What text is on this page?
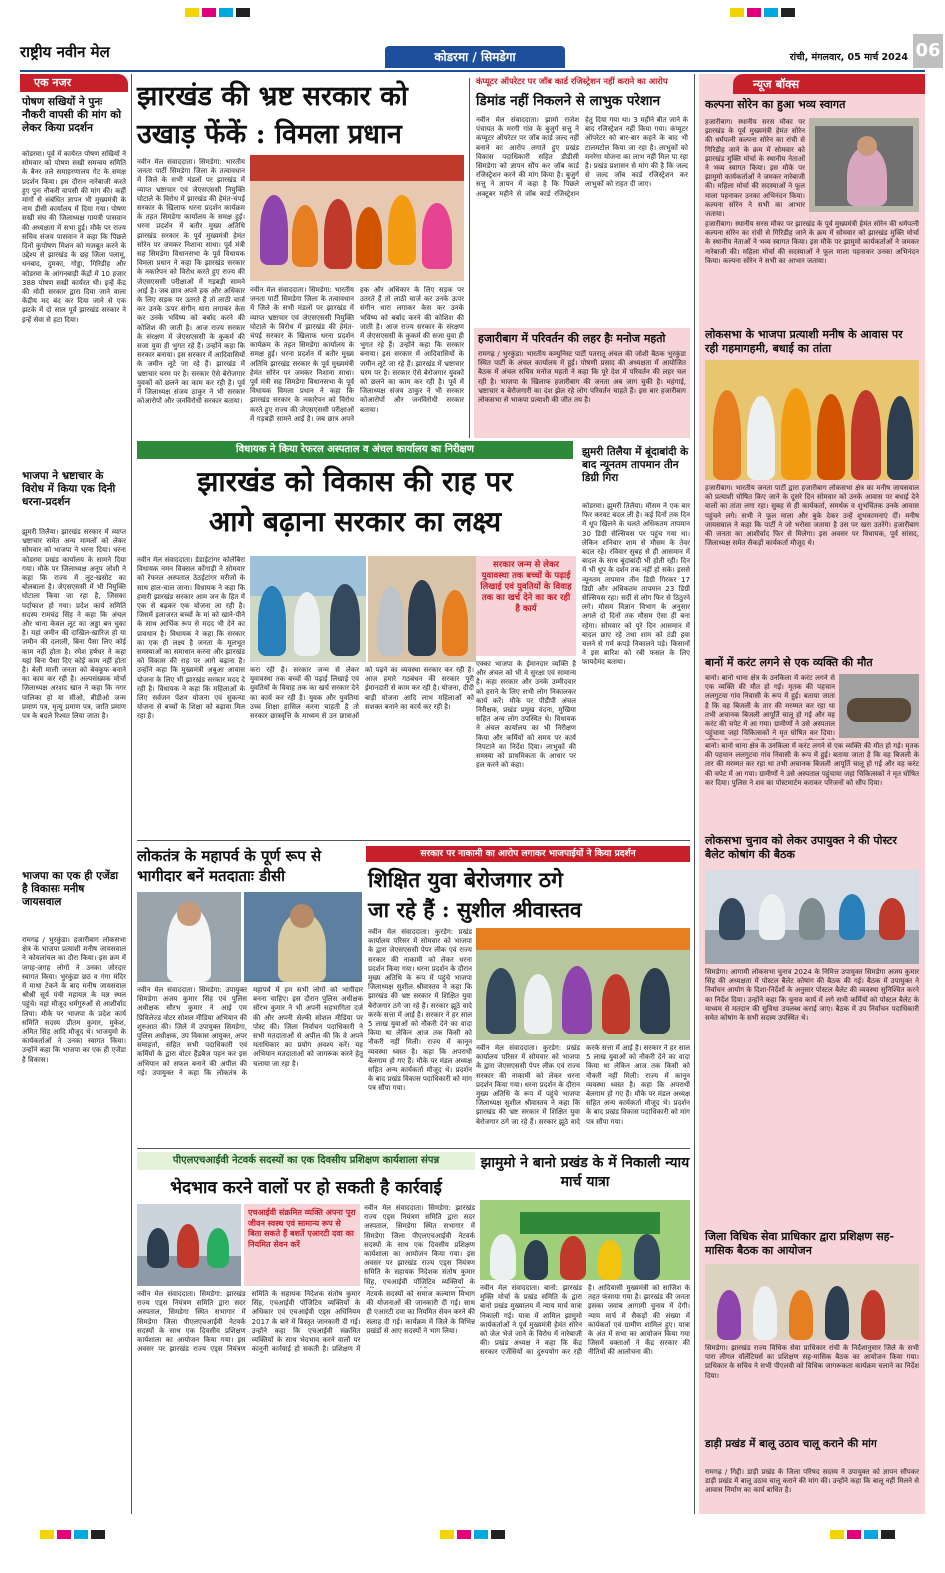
राष्ट्रीय नवीन मेल	कोडरमा / सिमडेगा	रांची, मंगलवार, 05 मार्च 2024 06
एक नजर
पोषण सखियों ने पुनः नौकरी वापसी की मांग को लेकर किया प्रदर्शन
कोडरमा। पूर्व में कार्यरत पोषण सखियों ने सोमवार को पोषण सखी समन्वय समिति के बैनर तले समाहरणालय गेट के समक्ष प्रदर्शन किया। इस दौरान नारेबाजी करते हुए पुनः नौकरी वापसी की मांग की। कहीं मांगों से संबंधित ज्ञापन भी मुख्यमंत्री के नाम डीसी कार्यालय में दिया गया। पोषण सखी संघ की जिलाध्यक्ष गायत्री पासवान की अध्यक्षता में सभा हुई। मौके पर राज्य सचिव संजय पासवान ने कहा कि पिछले दिनों कुपोषण मिशन को मजबूत करने के उद्देश्य से झारखंड के छह जिला पलामू, धनबाद, दुमका, गोड्डा, गिरिडीह और कोडरमा के आंगनबाड़ी केंद्रों में 10 हजार 388 पोषण सखी कार्यरत थी। इन्हें केंद्र की मोदी सरकार द्वारा दिया जाने वाला केंद्रीय मद बंद कर दिया जाने से एक झटके में दो साल पूर्व झारखंड सरकार ने इन्हें सेवा से हटा दिया।
भाजपा ने भ्रष्टाचार के विरोध में किया एक दिनी धरना-प्रदर्शन
झुमरी तिलैया। झारखंड सरकार में व्याप्त भ्रष्टाचार समेत अन्य मामलों को लेकर सोमवार को भाजपा ने धरना दिया। धरना कोडरमा प्रखंड कार्यालय के सामने दिया गया। मौके पर जिलाध्यक्ष अनूप जोशी ने कहा कि राज्य में लूट-खसोट का बोलबाला है। जेएसएससी में भी नियुक्ति घोटाला किया जा रहा है, जिसका पर्दाफाश हो गया। प्रदेश कार्य समिति सदस्य रामचंद्र सिंह ने कहा कि अंचल और थाना केवल लूट का अड्डा बन चुका है। यहां जमीन की दाखिल-खारिज हो या जमीन की दलाली, बिना पैसा लिए कोई काम नहीं होता है। रमेश हर्षधर ने कहा यहां बिना पैसा दिए कोई काम नहीं होता है। बेली माली जनता को बेवकूफ बनाने का काम कर रही है। अल्पसंख्यक मोर्चा जिलाध्यक्ष अरशद खान ने कहा कि नगर पालिका हो या सीओ, बीडीओ जन्म प्रमाण पत्र, मृत्यु प्रमाण पत्र, जाति प्रमाण पत्र के बदले रिश्वत लिया जाता है।
भाजपा का एक ही एजेंडा है विकासः मनीष जायसवाल
रामगढ़ / भुरकुंडा। हजारीबाग लोकसभा क्षेत्र के भाजपा प्रत्याशी मनीष जायसवाल ने कोयलांचल का दौरा किया। इस क्रम में जगह-जगह लोगों ने उनका जोरदार स्वागत किया। भुरकुंडा छठ व गंगा मंदिर में माथा टेकने के बाद मनीष जायसवाल श्रीश्री सूर्य पंची महायज्ञ के यज्ञ स्थल पहुंचे। वहां मौजूद धर्मगुरुओं से आशीर्वाद लिया। मौके पर भाजपा के प्रदेश कार्य समिति सदस्य प्रीतम कुमार, मुकेश, अमित सिंह आदि मौजूद थे। भाजयुमो के कार्यकर्ताओं ने उनका स्वागत किया। उन्होंने कहा कि भाजपा का एक ही एजेंडा है विकास।
झारखंड की भ्रष्ट सरकार को उखाड़ फेंकें : विमला प्रधान
नवीन मेल संवाददाता। सिमडेगा: भारतीय जनता पार्टी सिमडेगा जिला के तत्वावधान में जिले के सभी मंडलों पर झारखंड में व्याप्त भ्रष्टाचार एवं जेएसएससी नियुक्ति घोटाले के विरोध में झारखंड की हेमंत-चंपई सरकार के खिलाफ धरना प्रदर्शन कार्यक्रम के तहत सिमडेगा कार्यालय के समक्ष हुई। धरना प्रदर्शन में बतौर मुख्य अतिथि झारखंड सरकार के पूर्व मुख्यमंत्री हेमंत सोरेन पर जमकर निशाना साधा। पूर्व मंत्री सह सिमडेगा विधानसभा के पूर्व विधायक विमला प्रधान ने कहा कि झारखंड सरकार के नकारेपन को विरोध करते हुए राज्य की जेएसएससी परीक्षाओं में गड़बड़ी सामने आई है। जब छात्र अपने हक और अधिकार के लिए सड़क पर उतरते हैं तो लाठी चार्ज कर उनके ऊपर संगीन धारा लगाकर केस कर उनके भविष्य को बर्बाद करने की कोशिश की जाती है। आज राज्य सरकार के संरक्षण में जेएसएससी के कुकर्म की सजा युवा ही भुगत रहे हैं। उन्होंने कहा कि सरकार बनाया। इस सरकार में आदिवासियों के जमीन लूटे जा रहे हैं। झारखंड में भ्रष्टाचार चरम पर है। सरकार ऐसे बेरोजगार युवकों को छलने का काम कर रही है। पूर्व में जिलाध्यक्ष संजय ठाकुर ने भी सरकार कोआरोपों और जनविरोधी सरकार बताया।
नवीन मेल संवाददाता। सिमडेगा: भारतीय जनता पार्टी सिमडेगा जिला के तत्वावधान में जिले के सभी मंडलों पर झारखंड में व्याप्त भ्रष्टाचार एवं जेएसएससी नियुक्ति घोटाले के विरोध में झारखंड की हेमंत-चंपई सरकार के खिलाफ धरना प्रदर्शन कार्यक्रम के तहत सिमडेगा कार्यालय के समक्ष हुई। धरना प्रदर्शन में बतौर मुख्य अतिथि झारखंड सरकार के पूर्व मुख्यमंत्री हेमंत सोरेन पर जमकर निशाना साधा। पूर्व मंत्री सह सिमडेगा विधानसभा के पूर्व विधायक विमला प्रधान ने कहा कि झारखंड सरकार के नकारेपन को विरोध करते हुए राज्य की जेएसएससी परीक्षाओं में गड़बड़ी सामने आई है। जब छात्र अपने हक और अधिकार के लिए सड़क पर उतरते हैं तो लाठी चार्ज कर उनके ऊपर संगीन धारा लगाकर केस कर उनके भविष्य को बर्बाद करने की कोशिश की जाती है। आज राज्य सरकार के संरक्षण में जेएसएससी के कुकर्म की सजा युवा ही भुगत रहे हैं। उन्होंने कहा कि सरकार बनाया। इस सरकार में आदिवासियों के जमीन लूटे जा रहे हैं। झारखंड में भ्रष्टाचार चरम पर है। सरकार ऐसे बेरोजगार युवकों को छलने का काम कर रही है। पूर्व में जिलाध्यक्ष संजय ठाकुर ने भी सरकार कोआरोपों और जनविरोधी सरकार बताया।
कंप्यूटर ऑपरेटर पर जॉब कार्ड रजिस्ट्रेशन नहीं कराने का आरोप
डिमांड नहीं निकलने से लाभुक परेशान
नवीन मेल संवाददाता। झामो राजेश पंचायत के मरगी गांव के बुजुर्ग सत्तु ने कंप्यूटर ऑपरेटर पर जॉब कार्ड जल्द नहीं बनाने का आरोप लगाते हुए प्रखंड विकास पदाधिकारी सहित डीडीसी सिमडेगा को ज्ञापन सौंप कर जॉब कार्ड रजिस्ट्रेशन करने की मांग किया है। बुजुर्ग सत्तु ने ज्ञापन में कहा है कि पिछले अक्टूबर महीने से जॉब कार्ड रजिस्ट्रेशन हेतु दिया गया था। 3 महीने बीत जाने के बाद रजिस्ट्रेशन नहीं किया गया। कंप्यूटर ऑपरेटर को बार-बार कहने के बाद भी टालमटोल किया जा रहा है। लाभुकों को मनरेगा योजना का लाभ नहीं मिल पा रहा है। प्रखंड प्रशासन से मांग की है कि जल्द से जल्द जॉब कार्ड रजिस्ट्रेशन कर लाभुकों को राहत दी जाए।
हजारीबाग में परिवर्तन की लहर हैः मनोज महतो
रामगढ़ / भुरकुंडा। भारतीय कम्युनिस्ट पार्टी पतरातू अंचल की जोशी बैठक भुरकुंडा स्थित पार्टी के अंचल कार्यालय में हुई। पोषणी प्रसाद की अध्यक्षता में आयोजित बैठक में अंचल सचिव मनोज महतो ने कहा कि पूरे देश में परिवर्तन की लहर चल रही है। भाजपा के खिलाफ हजारीबाग की जनता अब जाग चुकी है। महंगाई, भ्रष्टाचार व बेरोजगारी का दंश झेल रहे लोग परिवर्तन चाहते हैं। इस बार हजारीबाग लोकसभा से भाकपा प्रत्याशी की जीत तय है।
विधायक ने किया रेफरल अस्पताल व अंचल कार्यालय का निरीक्षण
झारखंड को विकास की राह पर
आगे बढ़ाना सरकार का लक्ष्य
नवीन मेल संवाददाता। डेडाईटांगर कोलेबिरा विधायक नमन विक्सल कोंगाड़ी ने सोमवार को रेफरल अस्पताल ठेठईटांगर मरीजों के साथ हाल-चाल जाना। विधायक ने कहा कि हमारी झारखंड सरकार आम जन के हित में एक से बढ़कर एक योजना ला रही है। जिसमें इलाजरत बच्चों के मां को खाने-पीने के साथ आर्थिक रूप से मदद भी देने का प्रावधान है। विधायक ने कहा कि सरकार का एक ही लक्ष्य है जनता के मूलभूत समस्याओं का समाधान करना और झारखंड को विकास की राह पर आगे बढ़ाना है। उन्होंने कहा कि मुख्यमंत्री अबुआ आवास योजना के लिए भी झारखंड सरकार मदद दे रही है। विधायक ने कहा कि महिलाओं के लिए सर्वजन पेंशन योजना एवं सुकन्या योजना से बच्चों के शिक्षा को बढ़ावा मिल रहा है।
सरकार जन्म से लेकर युवावस्था तक बच्चों के पढ़ाई लिखाई एवं युवतियों के विवाह तक का खर्च देने का कर रही है कार्य
करा रही है। सरकार जन्म से लेकर युवावस्था तक बच्चों की पढ़ाई लिखाई एवं युवतियों के विवाह तक का खर्च सरकार देने का कार्य कर रही है। युवक और युवतियां उच्च शिक्षा हासिल करना चाहती है तो सरकार छात्रवृत्ति के माध्यम से उन छात्राओं को पढ़ने का व्यवस्था सरकार कर रही है। आज हमारे गठबंधन की सरकार पूरी ईमानदारी से काम कर रही है। योजना, दीदी बाड़ी योजना आदि लाभ महिलाओं को सशक्त बनाने का कार्य कर रही है।
एक्का भाजपा के ईमानदार व्यक्ति है और अंचल को भी वे सुरक्षा एवं सामान्य है। कहा सरकार और उनके उम्मीदवार को हराने के लिए सभी लोग निकालकर कार्य करें। मौके पर पीडीपी अंचल निरीक्षक, प्रखंड प्रमुख वंदना, मुखिया सहित अन्य लोग उपस्थित थे। विधायक ने अंचल कार्यालय का भी निरीक्षण किया और कर्मियों को समय पर कार्य निपटाने का निर्देश दिया। लाभुकों की समस्या को प्राथमिकता के आधार पर हल करने को कहा।
झुमरी तिलैया में बूंदाबांदी के बाद न्यूनतम तापमान तीन डिग्री गिरा
कोडरमा। झुमरी तिलैया। मौसम ने एक बार फिर करवट बदल ली है। कई दिनों तक दिन में धूप खिलने के चलते अधिकतम तापमान 30 डिग्री सेल्सियस पर पहुंच गया था। लेकिन शनिवार शाम से मौसम के तेवर बदल रहे। रविवार सुबह से ही आसमान में बादल के साथ बूंदाबांदी भी होती रही। दिन में भी धूप के दर्शन तक नहीं हो सके। इससे न्यूनतम तापमान तीन डिग्री गिरकर 17 डिग्री और अधिकतम तापमान 23 डिग्री सेल्सियस रहा। सर्दी से लोग फिर से ठिठुरने लगे। मौसम विज्ञान विभाग के अनुसार अगले दो दिनों तक मौसम ऐसा ही बना रहेगा। सोमवार को पूरे दिन आसमान में बादल छाए रहे तथा शाम को ठंडी हवा चलने से गर्म कपड़े निकालने पड़े। किसानों ने इस बारिश को रबी फसल के लिए फायदेमंद बताया।
लोकतंत्र के महापर्व के पूर्ण रूप से भागीदार बनें मतदाताः डीसी
नवीन मेल संवाददाता। सिमडेगा: उपायुक्त सिमडेगा अजय कुमार सिंह एवं पुलिस अधीक्षक सौरभ कुमार ने आई एम प्रिविलेज्ड वोटर सोशल मीडिया अभियान की शुरुआत की। जिले में उपायुक्त सिमडेगा, पुलिस अधीक्षक, उप विकास आयुक्त, अपर समाहर्ता, सहित सभी पदाधिकारी एवं कर्मियों के द्वारा वोटर हैंडबैज पहन कर इस अभियान को सफल बनाने की अपील की गई। उपायुक्त ने कहा कि लोकतंत्र के महापर्व में हम सभी लोगों को भागीदार बनना चाहिए। इस दौरान पुलिस अधीक्षक सौरभ कुमार ने भी अपनी सहभागिता दर्ज की और अपनी सेल्फी सोशल मीडिया पर पोस्ट की। जिला निर्वाचन पदाधिकारी ने सभी मतदाताओं से अपील की कि वे अपने मताधिकार का प्रयोग अवश्य करें। यह अभियान मतदाताओं को जागरूक करने हेतु चलाया जा रहा है।
सरकार पर नाकामी का आरोप लगाकर भाजपाईयों ने किया प्रदर्शन
शिक्षित युवा बेरोजगार ठगे
जा रहे हैं : सुशील श्रीवास्तव
नवीन मेल संवाददाता। कुरडेग: प्रखंड कार्यालय परिसर में सोमवार को भाजपा के द्वारा जेएसएससी पेपर लीक एवं राज्य सरकार की नाकामी को लेकर धरना प्रदर्शन किया गया। धरना प्रदर्शन के दौरान मुख्य अतिथि के रूप में पहुंचे भाजपा जिलाध्यक्ष सुशील श्रीवास्तव ने कहा कि झारखंड की भ्रष्ट सरकार में शिक्षित युवा बेरोजगार ठगे जा रहे हैं। सरकार झूठे वादे करके सत्ता में आई है। सरकार ने हर साल 5 लाख युवाओं को नौकरी देने का वादा किया था लेकिन आज तक किसी को नौकरी नहीं मिली। राज्य में कानून व्यवस्था ध्वस्त है। कहा कि अपराधी बेलगाम हो गए हैं। मौके पर मंडल अध्यक्ष सहित अन्य कार्यकर्ता मौजूद थे। प्रदर्शन के बाद प्रखंड विकास पदाधिकारी को मांग पत्र सौंपा गया।
नवीन मेल संवाददाता। कुरडेग: प्रखंड कार्यालय परिसर में सोमवार को भाजपा के द्वारा जेएसएससी पेपर लीक एवं राज्य सरकार की नाकामी को लेकर धरना प्रदर्शन किया गया। धरना प्रदर्शन के दौरान मुख्य अतिथि के रूप में पहुंचे भाजपा जिलाध्यक्ष सुशील श्रीवास्तव ने कहा कि झारखंड की भ्रष्ट सरकार में शिक्षित युवा बेरोजगार ठगे जा रहे हैं। सरकार झूठे वादे करके सत्ता में आई है। सरकार ने हर साल 5 लाख युवाओं को नौकरी देने का वादा किया था लेकिन आज तक किसी को नौकरी नहीं मिली। राज्य में कानून व्यवस्था ध्वस्त है। कहा कि अपराधी बेलगाम हो गए हैं। मौके पर मंडल अध्यक्ष सहित अन्य कार्यकर्ता मौजूद थे। प्रदर्शन के बाद प्रखंड विकास पदाधिकारी को मांग पत्र सौंपा गया।
पीएलएचआईवी नेटवर्क सदस्यों का एक दिवसीय प्रशिक्षण कार्यशाला संपन्न
भेदभाव करने वालों पर हो सकती है कार्रवाई
एचआईवी संक्रमित व्यक्ति अपना पूरा जीवन स्वस्थ एवं सामान्य रूप से बिता सकते हैं बशर्ते एआरटी दवा का नियमित सेवन करें
नवीन मेल संवाददाता। सिमडेगा: झारखंड राज्य एड्स नियंत्रण समिति द्वारा सदर अस्पताल, सिमडेगा स्थित सभागार में सिमडेगा जिला पीएलएचआईवी नेटवर्क सदस्यों के साथ एक दिवसीय प्रशिक्षण कार्यशाला का आयोजन किया गया। इस अवसर पर झारखंड राज्य एड्स नियंत्रण समिति के सहायक निदेशक संतोष कुमार सिंह, एचआईवी पॉजिटिव व्यक्तियों के अधिकार एवं एचआईवी एड्स अधिनियम 2017 के बारे में विस्तृत जानकारी दी गई। उन्होंने कहा कि एचआईवी संक्रमित व्यक्तियों के साथ भेदभाव करने वालों पर कानूनी कार्रवाई हो सकती है। प्रशिक्षण में नेटवर्क सदस्यों को समाज कल्याण विभाग की योजनाओं की जानकारी दी गई। साथ ही एआरटी दवा का नियमित सेवन करने की सलाह दी गई। कार्यक्रम में जिले के विभिन्न प्रखंडों से आए सदस्यों ने भाग लिया।
नवीन मेल संवाददाता। सिमडेगा: झारखंड राज्य एड्स नियंत्रण समिति द्वारा सदर अस्पताल, सिमडेगा स्थित सभागार में सिमडेगा जिला पीएलएचआईवी नेटवर्क सदस्यों के साथ एक दिवसीय प्रशिक्षण कार्यशाला का आयोजन किया गया। इस अवसर पर झारखंड राज्य एड्स नियंत्रण समिति के सहायक निदेशक संतोष कुमार सिंह, एचआईवी पॉजिटिव व्यक्तियों के
झामुमो ने बानो प्रखंड के में निकाली न्याय मार्च यात्रा
नवीन मेल संवाददाता। बानो: झारखंड मुक्ति मोर्चा के प्रखंड समिति के द्वारा बानो प्रखंड मुख्यालय में न्याय मार्च यात्रा निकाली गई। यात्रा में शामिल झामुमो कार्यकर्ताओं ने पूर्व मुख्यमंत्री हेमंत सोरेन को जेल भेजे जाने के विरोध में नारेबाजी की। प्रखंड अध्यक्ष ने कहा कि केंद्र सरकार एजेंसियों का दुरुपयोग कर रही है। आदिवासी मुख्यमंत्री को साजिश के तहत फंसाया गया है। झारखंड की जनता इसका जवाब आगामी चुनाव में देगी। न्याय मार्च में सैकड़ों की संख्या में कार्यकर्ता एवं ग्रामीण शामिल हुए। यात्रा के अंत में सभा का आयोजन किया गया जिसमें वक्ताओं ने केंद्र सरकार की नीतियों की आलोचना की।
न्यूज बॉक्स
कल्पना सोरेन का हुआ भव्य स्वागत
हजारीबाग। स्थानीय सरस मौका पर झारखंड के पूर्व मुख्यमंत्री हेमंत सोरेन की धर्मपत्नी कल्पना सोरेन का रांची से गिरिडीह जाने के क्रम में सोमवार को झारखंड मुक्ति मोर्चा के स्थानीय नेताओं ने भव्य स्वागत किया। इस मौके पर झामुमो कार्यकर्ताओं ने जमकर नारेबाजी की। महिला मोर्चा की सदस्याओं ने फूल माला पहनाकर उनका अभिनंदन किया। कल्पना सोरेन ने सभी का आभार जताया।
हजारीबाग। स्थानीय सरस मौका पर झारखंड के पूर्व मुख्यमंत्री हेमंत सोरेन की धर्मपत्नी कल्पना सोरेन का रांची से गिरिडीह जाने के क्रम में सोमवार को झारखंड मुक्ति मोर्चा के स्थानीय नेताओं ने भव्य स्वागत किया। इस मौके पर झामुमो कार्यकर्ताओं ने जमकर नारेबाजी की। महिला मोर्चा की सदस्याओं ने फूल माला पहनाकर उनका अभिनंदन किया। कल्पना सोरेन ने सभी का आभार जताया।
लोकसभा के भाजपा प्रत्याशी मनीष के आवास पर रही गहमागहमी, बधाई का तांता
हजारीबाग। भारतीय जनता पार्टी द्वारा हजारीबाग लोकसभा क्षेत्र का मनीष जायसवाल को प्रत्याशी घोषित किए जाने के दूसरे दिन सोमवार को उनके आवास पर बधाई देने वालों का तांता लगा रहा। सुबह से ही कार्यकर्ता, समर्थक व शुभचिंतक उनके आवास पहुंचने लगे। सभी ने फूल माला और बुके देकर उन्हें शुभकामनाएं दीं। मनीष जायसवाल ने कहा कि पार्टी ने जो भरोसा जताया है उस पर खरा उतरेंगे। हजारीबाग की जनता का आशीर्वाद फिर से मिलेगा। इस अवसर पर विधायक, पूर्व सांसद, जिलाध्यक्ष समेत सैकड़ों कार्यकर्ता मौजूद थे।
बानों में करंट लगने से एक व्यक्ति की मौत
बानो। बानो थाना क्षेत्र के उनकिला में करंट लगने से एक व्यक्ति की मौत हो गई। मृतक की पहचान ललगुटवा गांव निवासी के रूप में हुई। बताया जाता है कि वह बिजली के तार की मरम्मत कर रहा था तभी अचानक बिजली आपूर्ति चालू हो गई और वह करंट की चपेट में आ गया। ग्रामीणों ने उसे अस्पताल पहुंचाया जहां चिकित्सकों ने मृत घोषित कर दिया।
बानो। बानो थाना क्षेत्र के उनकिला में करंट लगने से एक व्यक्ति की मौत हो गई। मृतक की पहचान ललगुटवा गांव निवासी के रूप में हुई। बताया जाता है कि वह बिजली के तार की मरम्मत कर रहा था तभी अचानक बिजली आपूर्ति चालू हो गई और वह करंट की चपेट में आ गया। ग्रामीणों ने उसे अस्पताल पहुंचाया जहां चिकित्सकों ने मृत घोषित कर दिया। पुलिस ने शव का पोस्टमार्टम कराकर परिजनों को सौंप दिया।
लोकसभा चुनाव को लेकर उपायुक्त ने की पोस्टर बैलेट कोषांग की बैठक
सिमडेगा। आगामी लोकसभा चुनाव 2024 के निमित्त उपायुक्त सिमडेगा अजय कुमार सिंह की अध्यक्षता में पोस्टल बैलेट कोषांग की बैठक की गई। बैठक में उपायुक्त ने निर्वाचन आयोग के दिशा-निर्देशों के अनुसार पोस्टल बैलेट की व्यवस्था सुनिश्चित करने का निर्देश दिया। उन्होंने कहा कि चुनाव कार्य में लगे सभी कर्मियों को पोस्टल बैलेट के माध्यम से मतदान की सुविधा उपलब्ध कराई जाए। बैठक में उप निर्वाचन पदाधिकारी समेत कोषांग के सभी सदस्य उपस्थित थे।
जिला विधिक सेवा प्राधिकार द्वारा प्रशिक्षण सह-मासिक बैठक का आयोजन
सिमडेगा। झारखंड राज्य विधिक सेवा प्राधिकार रांची के निर्देशानुसार जिले के सभी पारा लीगल वॉलेंटियर्स का प्रशिक्षण सह-मासिक बैठक का आयोजन किया गया। प्राधिकार के सचिव ने सभी पीएलवी को विधिक जागरूकता कार्यक्रम चलाने का निर्देश दिया।
डाड़ी प्रखंड में बालू उठाव चालू कराने की मांग
रामगढ़ / गिद्दी। डाड़ी प्रखंड के जिला परिषद सदस्य ने उपायुक्त को ज्ञापन सौंपकर डाड़ी प्रखंड में बालू उठाव चालू कराने की मांग की। उन्होंने कहा कि बालू नहीं मिलने से आवास निर्माण का कार्य बाधित है।
